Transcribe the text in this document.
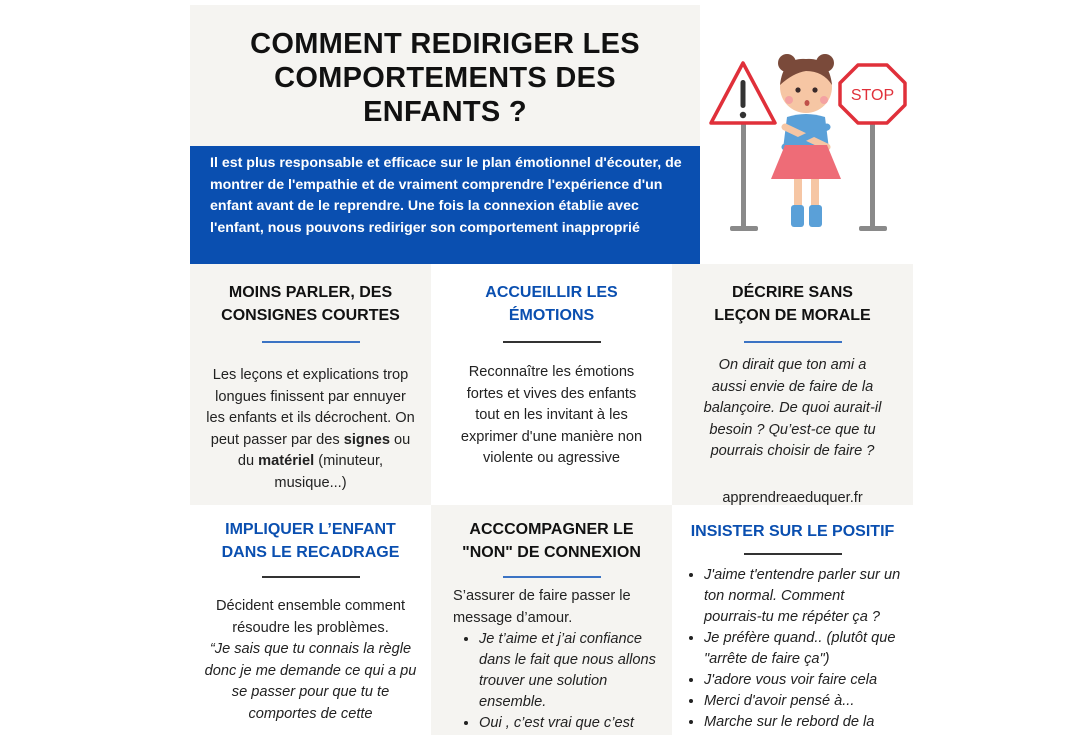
COMMENT REDIRIGER LES
COMPORTEMENTS DES
ENFANTS ?
Il est plus responsable et efficace sur le plan émotionnel d'écouter, de montrer de l'empathie et de vraiment comprendre l'expérience d'un enfant avant de le reprendre. Une fois la connexion établie avec l'enfant, nous pouvons rediriger son comportement inapproprié
STOP
MOINS PARLER, DES
CONSIGNES COURTES
Les leçons et explications trop longues finissent par ennuyer les enfants et ils décrochent. On peut passer par des signes ou du matériel (minuteur, musique...)
ACCUEILLIR LES
ÉMOTIONS
Reconnaître les émotions fortes et vives des enfants tout en les invitant à les exprimer d'une manière non violente ou agressive
DÉCRIRE SANS
LEÇON DE MORALE
On dirait que ton ami a aussi envie de faire de la balançoire. De quoi aurait-il besoin ? Qu’est-ce que tu pourrais choisir de faire ?
apprendreaeduquer.fr
IMPLIQUER L’ENFANT
DANS LE RECADRAGE
Décident ensemble comment résoudre les problèmes.
“Je sais que tu connais la règle donc je me demande ce qui a pu se passer pour que tu te comportes de cette
ACCCOMPAGNER LE
"NON" DE CONNEXION
S’assurer de faire passer le message d’amour.
• Je t’aime et j’ai confiance dans le fait que nous allons trouver une solution ensemble.
• Oui , c’est vrai que c’est
INSISTER SUR LE POSITIF
• J'aime t'entendre parler sur un ton normal. Comment pourrais-tu me répéter ça ?
• Je préfère quand.. (plutôt que "arrête de faire ça")
• J'adore vous voir faire cela
• Merci d'avoir pensé à...
• Marche sur le rebord de la
